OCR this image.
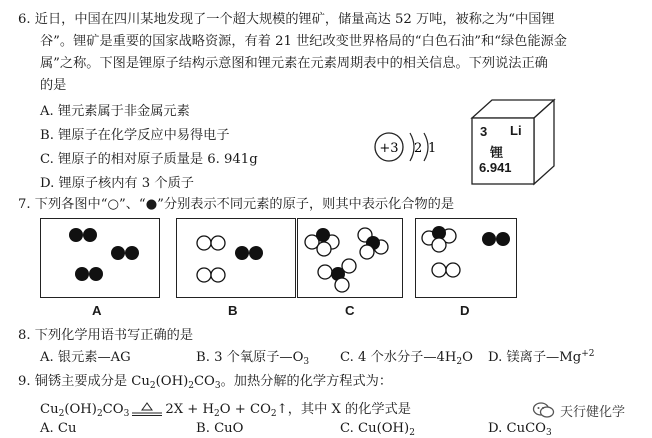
6. 近日，中国在四川某地发现了一个超大规模的锂矿，储量高达 52 万吨，被称之为“中国锂
谷”。锂矿是重要的国家战略资源，有着 21 世纪改变世界格局的“白色石油”和“绿色能源金
属”之称。下图是锂原子结构示意图和锂元素在元素周期表中的相关信息。下列说法正确
的是
A. 锂元素属于非金属元素
B. 锂原子在化学反应中易得电子
C. 锂原子的相对原子质量是 6. 941g
D. 锂原子核内有 3 个质子
+3 2 1
3 Li
锂
6.941
7. 下列各图中“○”、“●”分别表示不同元素的原子，则其中表示化合物的是
A	B	C	D
8. 下列化学用语书写正确的是
A. 银元素—AG	B. 3 个氧原子$—O_3$ C. 4 个水分子$—4H_2O$ D. 镁离子$—Mg^{+2}$
9. 铜锈主要成分是 $Cu_2(OH)_2CO_3$。加热分解的化学方程式为：
$Cu_2(OH)_2CO_3$	$2X + H_2O$ + $CO_2↑$，其中 X 的化学式是
A. Cu	B. CuO	C. $Cu(OH)_2$	D. CuCO$_3$
天行健化学
